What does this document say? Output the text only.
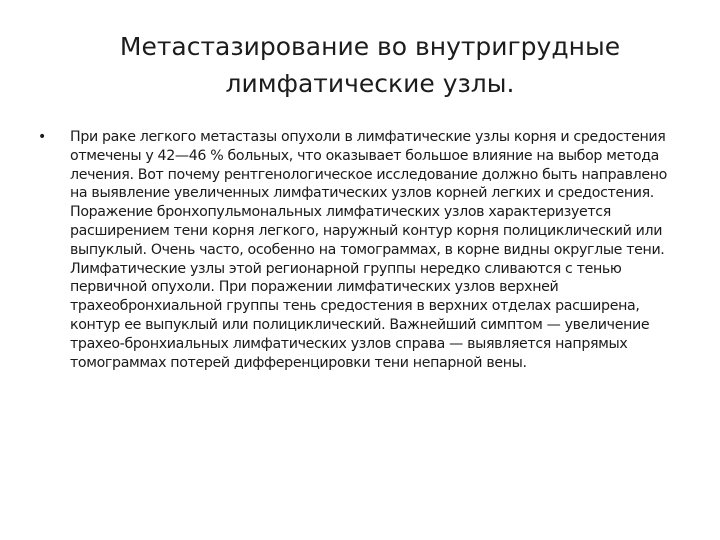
Метастазирование во внутригрудные лимфатические узлы.
•	При раке легкого метастазы опухоли в лимфатические узлы корня и средостения отмечены у 42—46 % больных, что оказывает большое влияние на выбор метода лечения. Вот почему рентгенологическое исследование должно быть направлено на выявление увеличенных лимфатических узлов корней легких и средостения. Поражение бронхопульмональных лимфатических узлов характеризуется расширением тени корня легкого, наружный контур корня полициклический или выпуклый. Очень часто, особенно на томограммах, в корне видны округлые тени. Лимфатические узлы этой регионарной группы нередко сливаются с тенью первичной опухоли. При поражении лимфатических узлов верхней трахеобронхиальной группы тень средостения в верхних отделах расширена, контур ее выпуклый или полициклический. Важнейший симптом — увеличение трахео-бронхиальных лимфатических узлов справа — выявляется напрямых томограммах потерей дифференцировки тени непарной вены.
